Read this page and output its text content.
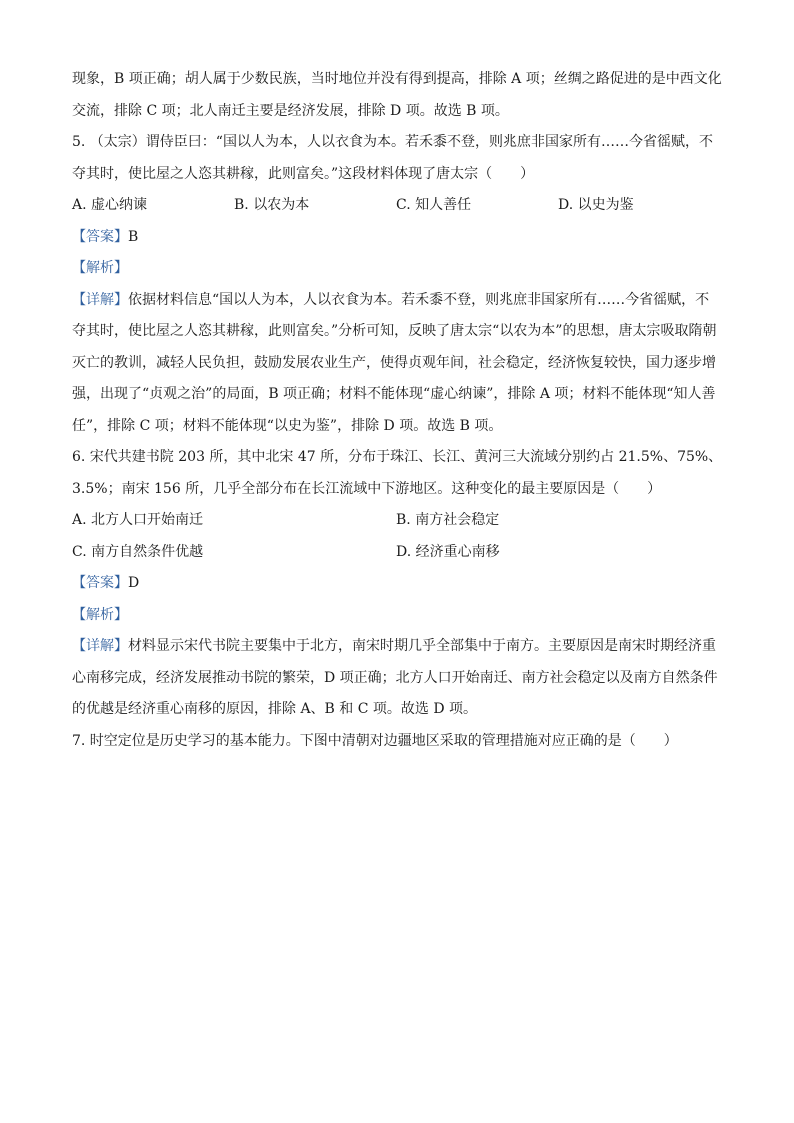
现象，B 项正确；胡人属于少数民族，当时地位并没有得到提高，排除 A 项；丝绸之路促进的是中西文化
交流，排除 C 项；北人南迁主要是经济发展，排除 D 项。故选 B 项。
5. （太宗）谓侍臣曰：“国以人为本，人以衣食为本。若禾黍不登，则兆庶非国家所有……今省徭赋，不
夺其时，使比屋之人恣其耕稼，此则富矣。”这段材料体现了唐太宗（　　）
A. 虚心纳谏	B. 以农为本	C. 知人善任	D. 以史为鉴
【答案】B
【解析】
【详解】依据材料信息“国以人为本，人以衣食为本。若禾黍不登，则兆庶非国家所有……今省徭赋，不
夺其时，使比屋之人恣其耕稼，此则富矣。”分析可知，反映了唐太宗“以农为本”的思想，唐太宗吸取隋朝
灭亡的教训，减轻人民负担，鼓励发展农业生产，使得贞观年间，社会稳定，经济恢复较快，国力逐步增
强，出现了“贞观之治”的局面，B 项正确；材料不能体现“虚心纳谏”，排除 A 项；材料不能体现“知人善
任”，排除 C 项；材料不能体现“以史为鉴”，排除 D 项。故选 B 项。
6. 宋代共建书院 203 所，其中北宋 47 所，分布于珠江、长江、黄河三大流域分别约占 21.5%、75%、
3.5%；南宋 156 所，几乎全部分布在长江流域中下游地区。这种变化的最主要原因是（　　）
A. 北方人口开始南迁	B. 南方社会稳定
C. 南方自然条件优越	D. 经济重心南移
【答案】D
【解析】
【详解】材料显示宋代书院主要集中于北方，南宋时期几乎全部集中于南方。主要原因是南宋时期经济重
心南移完成，经济发展推动书院的繁荣，D 项正确；北方人口开始南迁、南方社会稳定以及南方自然条件
的优越是经济重心南移的原因，排除 A、B 和 C 项。故选 D 项。
7. 时空定位是历史学习的基本能力。下图中清朝对边疆地区采取的管理措施对应正确的是（　　）
